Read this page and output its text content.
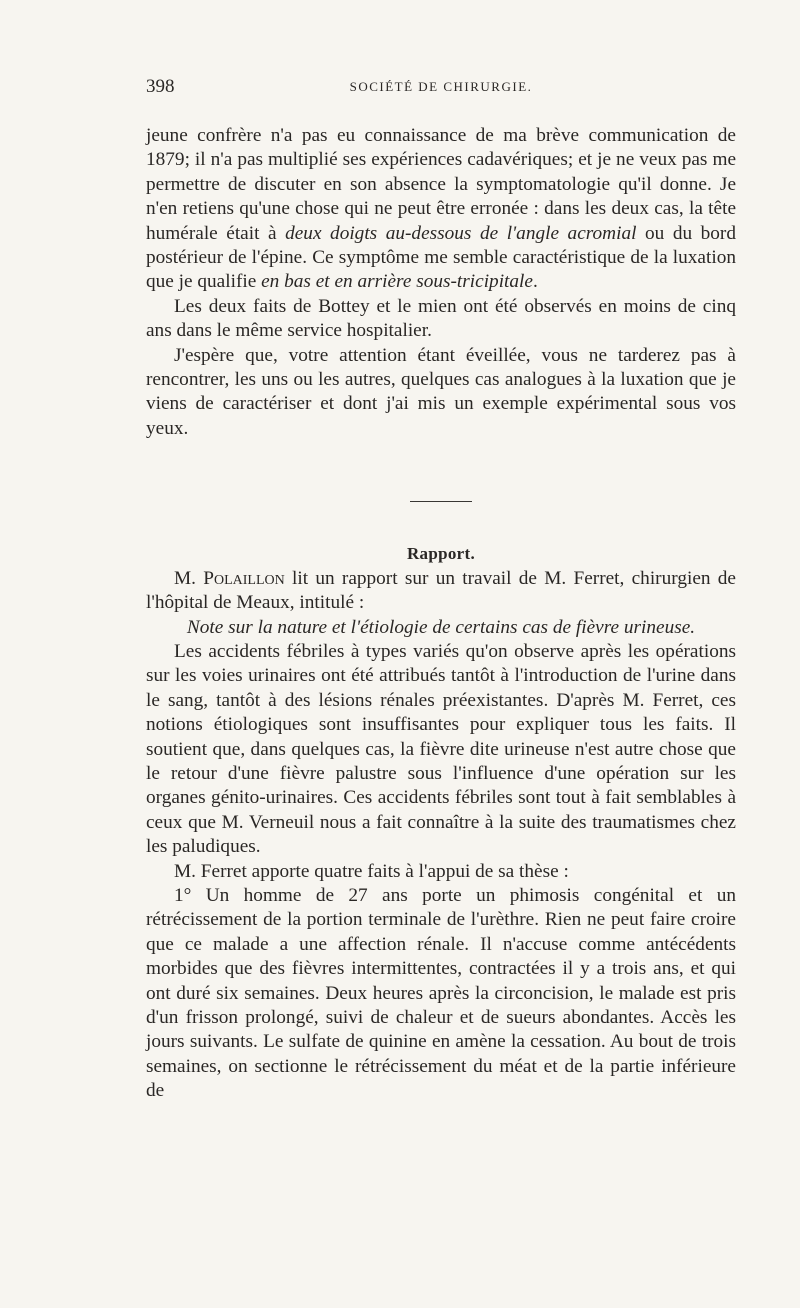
398	SOCIÉTÉ DE CHIRURGIE.

jeune confrère n'a pas eu connaissance de ma brève communication de 1879; il n'a pas multiplié ses expériences cadavériques; et je ne veux pas me permettre de discuter en son absence la symptomatologie qu'il donne. Je n'en retiens qu'une chose qui ne peut être erronée : dans les deux cas, la tête humérale était à deux doigts au-dessous de l'angle acromial ou du bord postérieur de l'épine. Ce symptôme me semble caractéristique de la luxation que je qualifie en bas et en arrière sous-tricipitale.

Les deux faits de Bottey et le mien ont été observés en moins de cinq ans dans le même service hospitalier.

J'espère que, votre attention étant éveillée, vous ne tarderez pas à rencontrer, les uns ou les autres, quelques cas analogues à la luxation que je viens de caractériser et dont j'ai mis un exemple expérimental sous vos yeux.

Rapport.

M. Polaillon lit un rapport sur un travail de M. Ferret, chirurgien de l'hôpital de Meaux, intitulé :

Note sur la nature et l'étiologie de certains cas de fièvre urineuse.

Les accidents fébriles à types variés qu'on observe après les opérations sur les voies urinaires ont été attribués tantôt à l'introduction de l'urine dans le sang, tantôt à des lésions rénales préexistantes. D'après M. Ferret, ces notions étiologiques sont insuffisantes pour expliquer tous les faits. Il soutient que, dans quelques cas, la fièvre dite urineuse n'est autre chose que le retour d'une fièvre palustre sous l'influence d'une opération sur les organes génito-urinaires. Ces accidents fébriles sont tout à fait semblables à ceux que M. Verneuil nous a fait connaître à la suite des traumatismes chez les paludiques.

M. Ferret apporte quatre faits à l'appui de sa thèse :

1° Un homme de 27 ans porte un phimosis congénital et un rétrécissement de la portion terminale de l'urèthre. Rien ne peut faire croire que ce malade a une affection rénale. Il n'accuse comme antécédents morbides que des fièvres intermittentes, contractées il y a trois ans, et qui ont duré six semaines. Deux heures après la circoncision, le malade est pris d'un frisson prolongé, suivi de chaleur et de sueurs abondantes. Accès les jours suivants. Le sulfate de quinine en amène la cessation. Au bout de trois semaines, on sectionne le rétrécissement du méat et de la partie inférieure de
